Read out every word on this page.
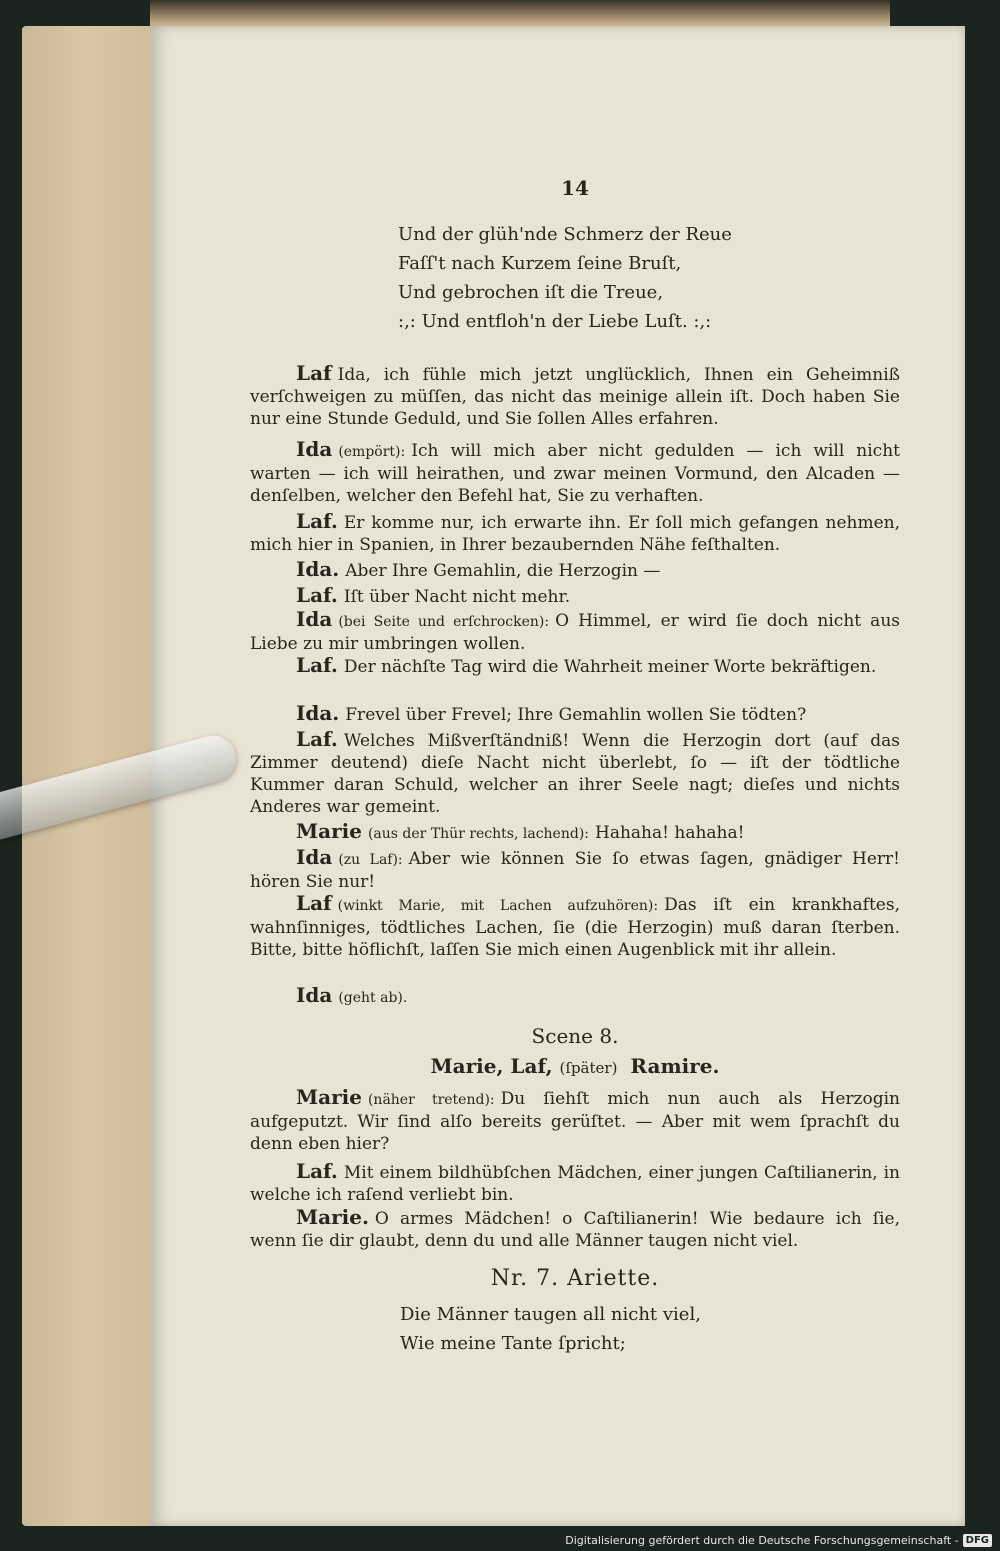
14
Und der glüh'nde Schmerz der Reue
Faſſ't nach Kurzem ſeine Bruſt,
Und gebrochen iſt die Treue,
:,: Und entfloh'n der Liebe Luſt. :,:
Laf Ida, ich fühle mich jetzt unglücklich, Ihnen ein Geheimniß verſchweigen zu müſſen, das nicht das meinige allein iſt. Doch haben Sie nur eine Stunde Geduld, und Sie ſollen Alles erfahren.
Ida (empört): Ich will mich aber nicht gedulden — ich will nicht warten — ich will heirathen, und zwar meinen Vormund, den Alcaden — denſelben, welcher den Befehl hat, Sie zu verhaften.
Laf. Er komme nur, ich erwarte ihn. Er ſoll mich gefangen nehmen, mich hier in Spanien, in Ihrer bezaubernden Nähe feſthalten.
Ida. Aber Ihre Gemahlin, die Herzogin —
Laf. Iſt über Nacht nicht mehr.
Ida (bei Seite und erſchrocken): O Himmel, er wird ſie doch nicht aus Liebe zu mir umbringen wollen.
Laf. Der nächſte Tag wird die Wahrheit meiner Worte bekräftigen.
Ida. Frevel über Frevel; Ihre Gemahlin wollen Sie tödten?
Laf. Welches Mißverſtändniß! Wenn die Herzogin dort (auf das Zimmer deutend) dieſe Nacht nicht überlebt, ſo — iſt der tödtliche Kummer daran Schuld, welcher an ihrer Seele nagt; dieſes und nichts Anderes war gemeint.
Marie (aus der Thür rechts, lachend): Hahaha! hahaha!
Ida (zu Laf): Aber wie können Sie ſo etwas ſagen, gnädiger Herr! hören Sie nur!
Laf (winkt Marie, mit Lachen aufzuhören): Das iſt ein krankhaftes, wahnſinniges, tödtliches Lachen, ſie (die Herzogin) muß daran ſterben. Bitte, bitte höflichſt, laſſen Sie mich einen Augenblick mit ihr allein.
Ida (geht ab).
Scene 8.
Marie, Laf, (ſpäter) Ramire.
Marie (näher tretend): Du ſiehſt mich nun auch als Herzogin aufgeputzt. Wir ſind alſo bereits gerüſtet. — Aber mit wem ſprachſt du denn eben hier?
Laf. Mit einem bildhübſchen Mädchen, einer jungen Caſtilianerin, in welche ich raſend verliebt bin.
Marie. O armes Mädchen! o Caſtilianerin! Wie bedaure ich ſie, wenn ſie dir glaubt, denn du und alle Männer taugen nicht viel.
Nr. 7. Ariette.
Die Männer taugen all nicht viel,
Wie meine Tante ſpricht;
Digitalisierung gefördert durch die Deutsche Forschungsgemeinschaft - DFG
